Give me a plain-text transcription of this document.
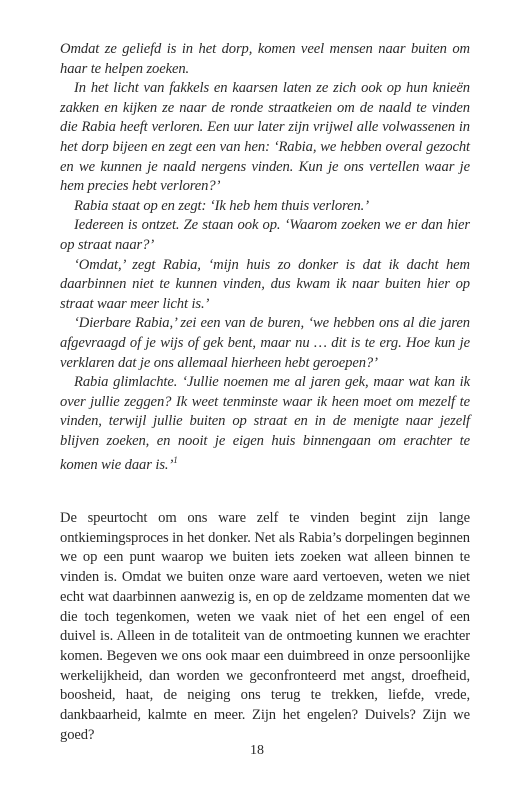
Omdat ze geliefd is in het dorp, komen veel mensen naar buiten om haar te helpen zoeken.

In het licht van fakkels en kaarsen laten ze zich ook op hun knieën zakken en kijken ze naar de ronde straatkeien om de naald te vinden die Rabia heeft verloren. Een uur later zijn vrijwel alle volwassenen in het dorp bijeen en zegt een van hen: ‘Rabia, we hebben overal gezocht en we kunnen je naald nergens vinden. Kun je ons vertellen waar je hem precies hebt verloren?’

Rabia staat op en zegt: ‘Ik heb hem thuis verloren.’

Iedereen is ontzet. Ze staan ook op. ‘Waarom zoeken we er dan hier op straat naar?’

‘Omdat,’ zegt Rabia, ‘mijn huis zo donker is dat ik dacht hem daarbinnen niet te kunnen vinden, dus kwam ik naar buiten hier op straat waar meer licht is.’

‘Dierbare Rabia,’ zei een van de buren, ‘we hebben ons al die jaren afgevraagd of je wijs of gek bent, maar nu … dit is te erg. Hoe kun je verklaren dat je ons allemaal hierheen hebt geroepen?’

Rabia glimlachte. ‘Jullie noemen me al jaren gek, maar wat kan ik over jullie zeggen? Ik weet tenminste waar ik heen moet om mezelf te vinden, terwijl jullie buiten op straat en in de menigte naar jezelf blijven zoeken, en nooit je eigen huis binnengaan om erachter te komen wie daar is.’$^1$

De speurtocht om ons ware zelf te vinden begint zijn lange ontkiemingsproces in het donker. Net als Rabia’s dorpelingen beginnen we op een punt waarop we buiten iets zoeken wat alleen binnen te vinden is. Omdat we buiten onze ware aard vertoeven, weten we niet echt wat daarbinnen aanwezig is, en op de zeldzame momenten dat we die toch tegenkomen, weten we vaak niet of het een engel of een duivel is. Alleen in de totaliteit van de ontmoeting kunnen we erachter komen. Begeven we ons ook maar een duimbreed in onze persoonlijke werkelijkheid, dan worden we geconfronteerd met angst, droefheid, boosheid, haat, de neiging ons terug te trekken, liefde, vrede, dankbaarheid, kalmte en meer. Zijn het engelen? Duivels? Zijn we goed?

18
